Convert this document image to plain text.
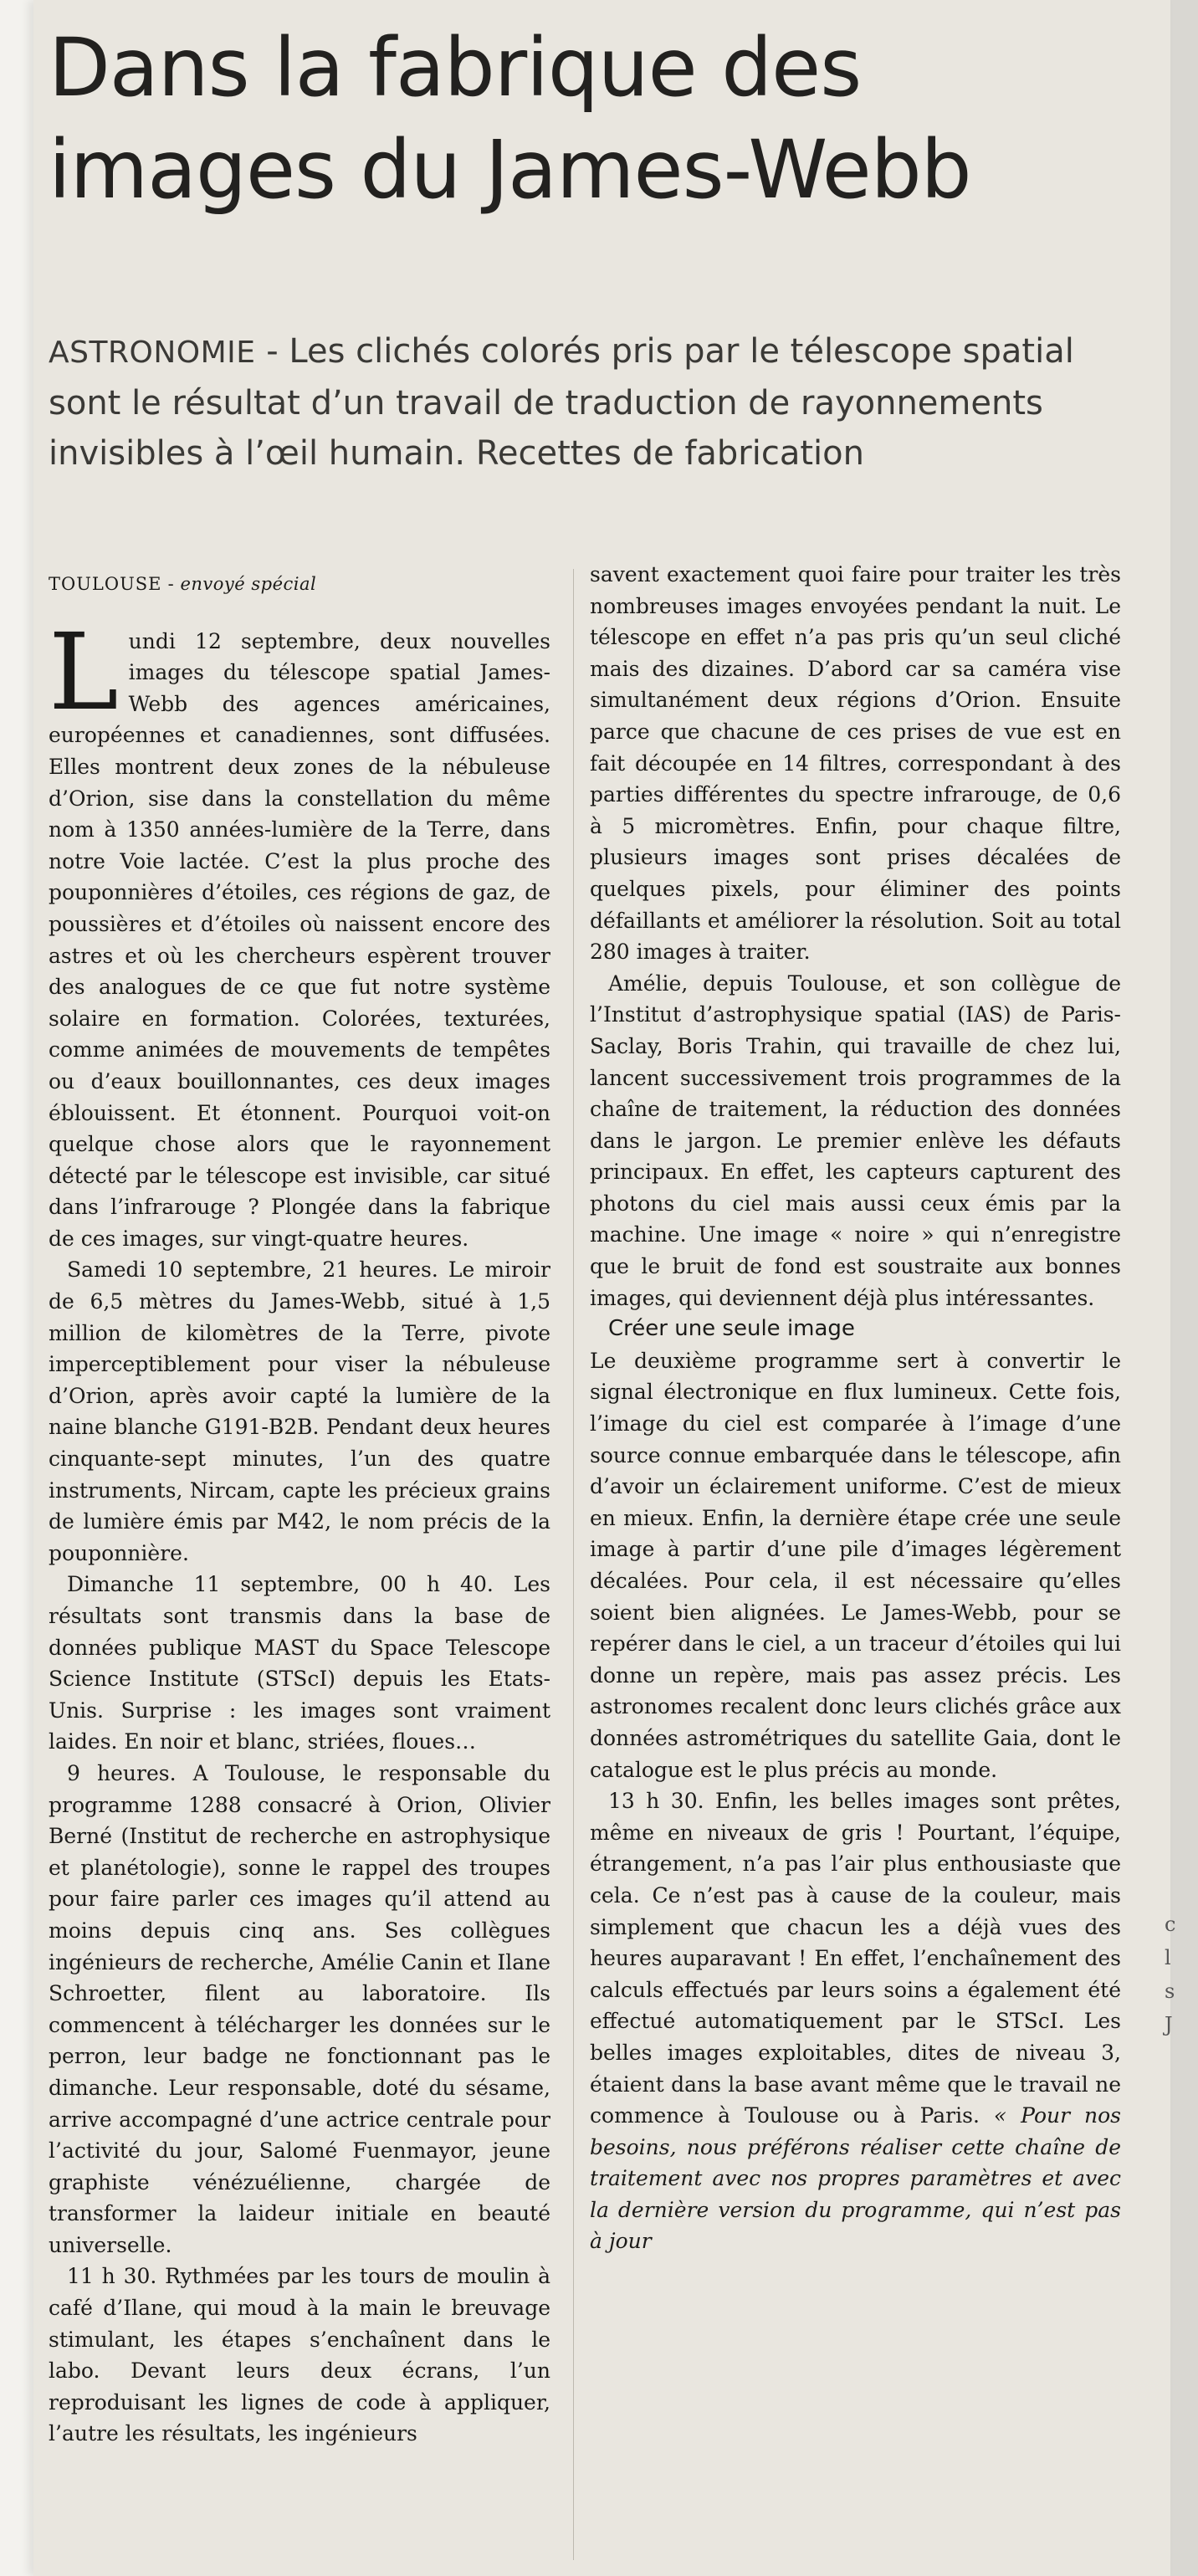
Dans la fabrique des images du James-Webb

ASTRONOMIE - Les clichés colorés pris par le télescope spatial sont le résultat d’un travail de traduction de rayonnements invisibles à l’œil humain. Recettes de fabrication

TOULOUSE - envoyé spécial

Lundi 12 septembre, deux nouvelles images du télescope spatial James-Webb des agences américaines, européennes et canadiennes, sont diffusées. Elles montrent deux zones de la nébuleuse d’Orion, sise dans la constellation du même nom à 1350 années-lumière de la Terre, dans notre Voie lactée. C’est la plus proche des pouponnières d’étoiles, ces régions de gaz, de poussières et d’étoiles où naissent encore des astres et où les chercheurs espèrent trouver des analogues de ce que fut notre système solaire en formation. Colorées, texturées, comme animées de mouvements de tempêtes ou d’eaux bouillonnantes, ces deux images éblouissent. Et étonnent. Pourquoi voit-on quelque chose alors que le rayonnement détecté par le télescope est invisible, car situé dans l’infrarouge ? Plongée dans la fabrique de ces images, sur vingt-quatre heures.

Samedi 10 septembre, 21 heures. Le miroir de 6,5 mètres du James-Webb, situé à 1,5 million de kilomètres de la Terre, pivote imperceptiblement pour viser la nébuleuse d’Orion, après avoir capté la lumière de la naine blanche G191-B2B. Pendant deux heures cinquante-sept minutes, l’un des quatre instruments, Nircam, capte les précieux grains de lumière émis par M42, le nom précis de la pouponnière.

Dimanche 11 septembre, 00 h 40. Les résultats sont transmis dans la base de données publique MAST du Space Telescope Science Institute (STScI) depuis les Etats-Unis. Surprise : les images sont vraiment laides. En noir et blanc, striées, floues…

9 heures. A Toulouse, le responsable du programme 1288 consacré à Orion, Olivier Berné (Institut de recherche en astrophysique et planétologie), sonne le rappel des troupes pour faire parler ces images qu’il attend au moins depuis cinq ans. Ses collègues ingénieurs de recherche, Amélie Canin et Ilane Schroetter, filent au laboratoire. Ils commencent à télécharger les données sur le perron, leur badge ne fonctionnant pas le dimanche. Leur responsable, doté du sésame, arrive accompagné d’une actrice centrale pour l’activité du jour, Salomé Fuenmayor, jeune graphiste vénézuélienne, chargée de transformer la laideur initiale en beauté universelle.

11 h 30. Rythmées par les tours de moulin à café d’Ilane, qui moud à la main le breuvage stimulant, les étapes s’enchaînent dans le labo. Devant leurs deux écrans, l’un reproduisant les lignes de code à appliquer, l’autre les résultats, les ingénieurs

savent exactement quoi faire pour traiter les très nombreuses images envoyées pendant la nuit. Le télescope en effet n’a pas pris qu’un seul cliché mais des dizaines. D’abord car sa caméra vise simultanément deux régions d’Orion. Ensuite parce que chacune de ces prises de vue est en fait découpée en 14 filtres, correspondant à des parties différentes du spectre infrarouge, de 0,6 à 5 micromètres. Enfin, pour chaque filtre, plusieurs images sont prises décalées de quelques pixels, pour éliminer des points défaillants et améliorer la résolution. Soit au total 280 images à traiter.

Amélie, depuis Toulouse, et son collègue de l’Institut d’astrophysique spatial (IAS) de Paris-Saclay, Boris Trahin, qui travaille de chez lui, lancent successivement trois programmes de la chaîne de traitement, la réduction des données dans le jargon. Le premier enlève les défauts principaux. En effet, les capteurs capturent des photons du ciel mais aussi ceux émis par la machine. Une image « noire » qui n’enregistre que le bruit de fond est soustraite aux bonnes images, qui deviennent déjà plus intéressantes.

Créer une seule image

Le deuxième programme sert à convertir le signal électronique en flux lumineux. Cette fois, l’image du ciel est comparée à l’image d’une source connue embarquée dans le télescope, afin d’avoir un éclairement uniforme. C’est de mieux en mieux. Enfin, la dernière étape crée une seule image à partir d’une pile d’images légèrement décalées. Pour cela, il est nécessaire qu’elles soient bien alignées. Le James-Webb, pour se repérer dans le ciel, a un traceur d’étoiles qui lui donne un repère, mais pas assez précis. Les astronomes recalent donc leurs clichés grâce aux données astrométriques du satellite Gaia, dont le catalogue est le plus précis au monde.

13 h 30. Enfin, les belles images sont prêtes, même en niveaux de gris ! Pourtant, l’équipe, étrangement, n’a pas l’air plus enthousiaste que cela. Ce n’est pas à cause de la couleur, mais simplement que chacun les a déjà vues des heures auparavant ! En effet, l’enchaînement des calculs effectués par leurs soins a également été effectué automatiquement par le STScI. Les belles images exploitables, dites de niveau 3, étaient dans la base avant même que le travail ne commence à Toulouse ou à Paris. « Pour nos besoins, nous préférons réaliser cette chaîne de traitement avec nos propres paramètres et avec la dernière version du programme, qui n’est pas à jour

c
l
s
J
